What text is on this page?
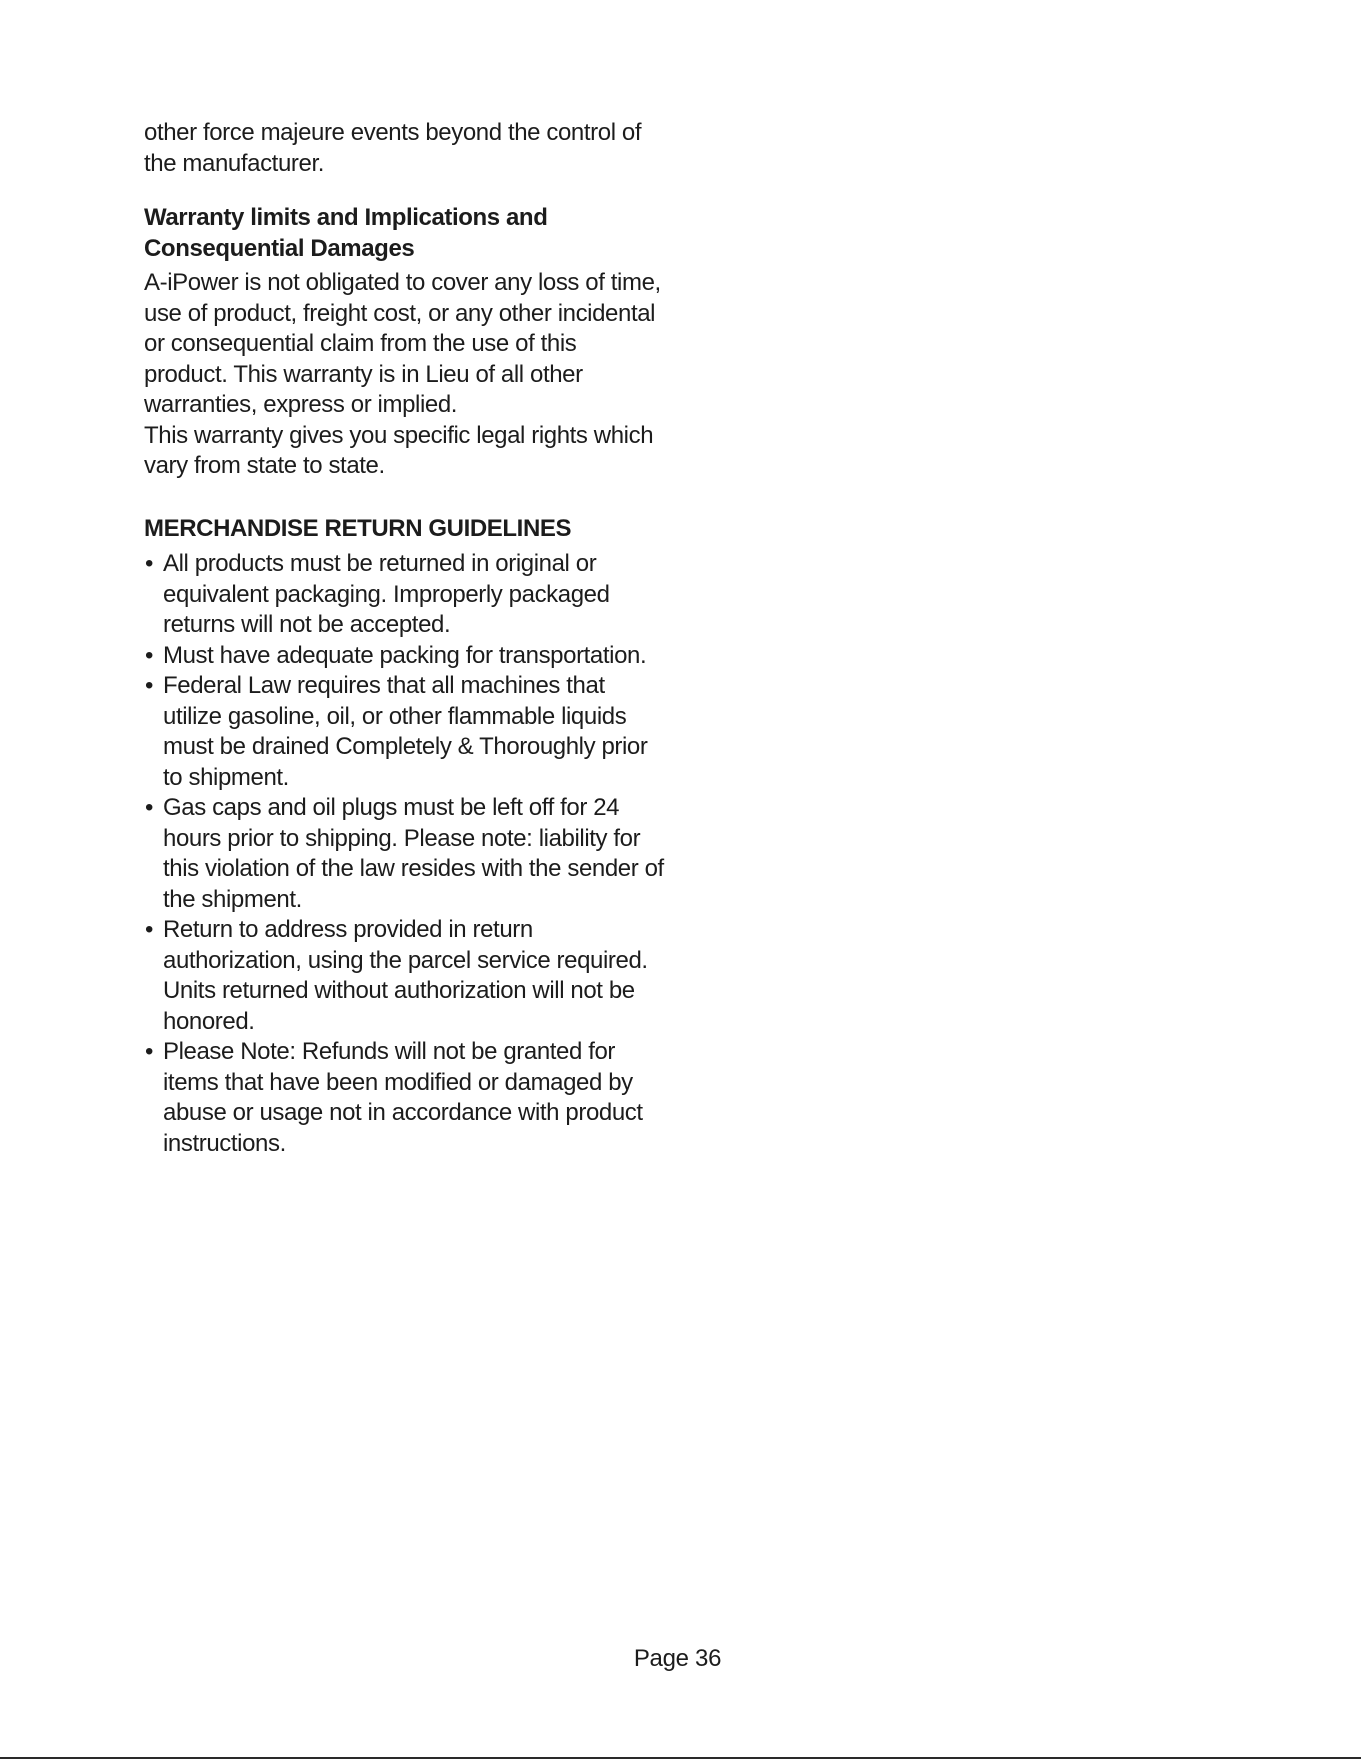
other force majeure events beyond the control of the manufacturer.

Warranty limits and Implications and
Consequential Damages

A-iPower is not obligated to cover any loss of time, use of product, freight cost, or any other incidental or consequential claim from the use of this product. This warranty is in Lieu of all other warranties, express or implied.

This warranty gives you specific legal rights which vary from state to state.

MERCHANDISE RETURN GUIDELINES
• All products must be returned in original or equivalent packaging. Improperly packaged returns will not be accepted.
• Must have adequate packing for transportation.
• Federal Law requires that all machines that utilize gasoline, oil, or other flammable liquids must be drained Completely & Thoroughly prior to shipment.
• Gas caps and oil plugs must be left off for 24 hours prior to shipping. Please note: liability for this violation of the law resides with the sender of the shipment.
• Return to address provided in return authorization, using the parcel service required. Units returned without authorization will not be honored.
• Please Note: Refunds will not be granted for items that have been modified or damaged by abuse or usage not in accordance with product instructions.
Page 36
